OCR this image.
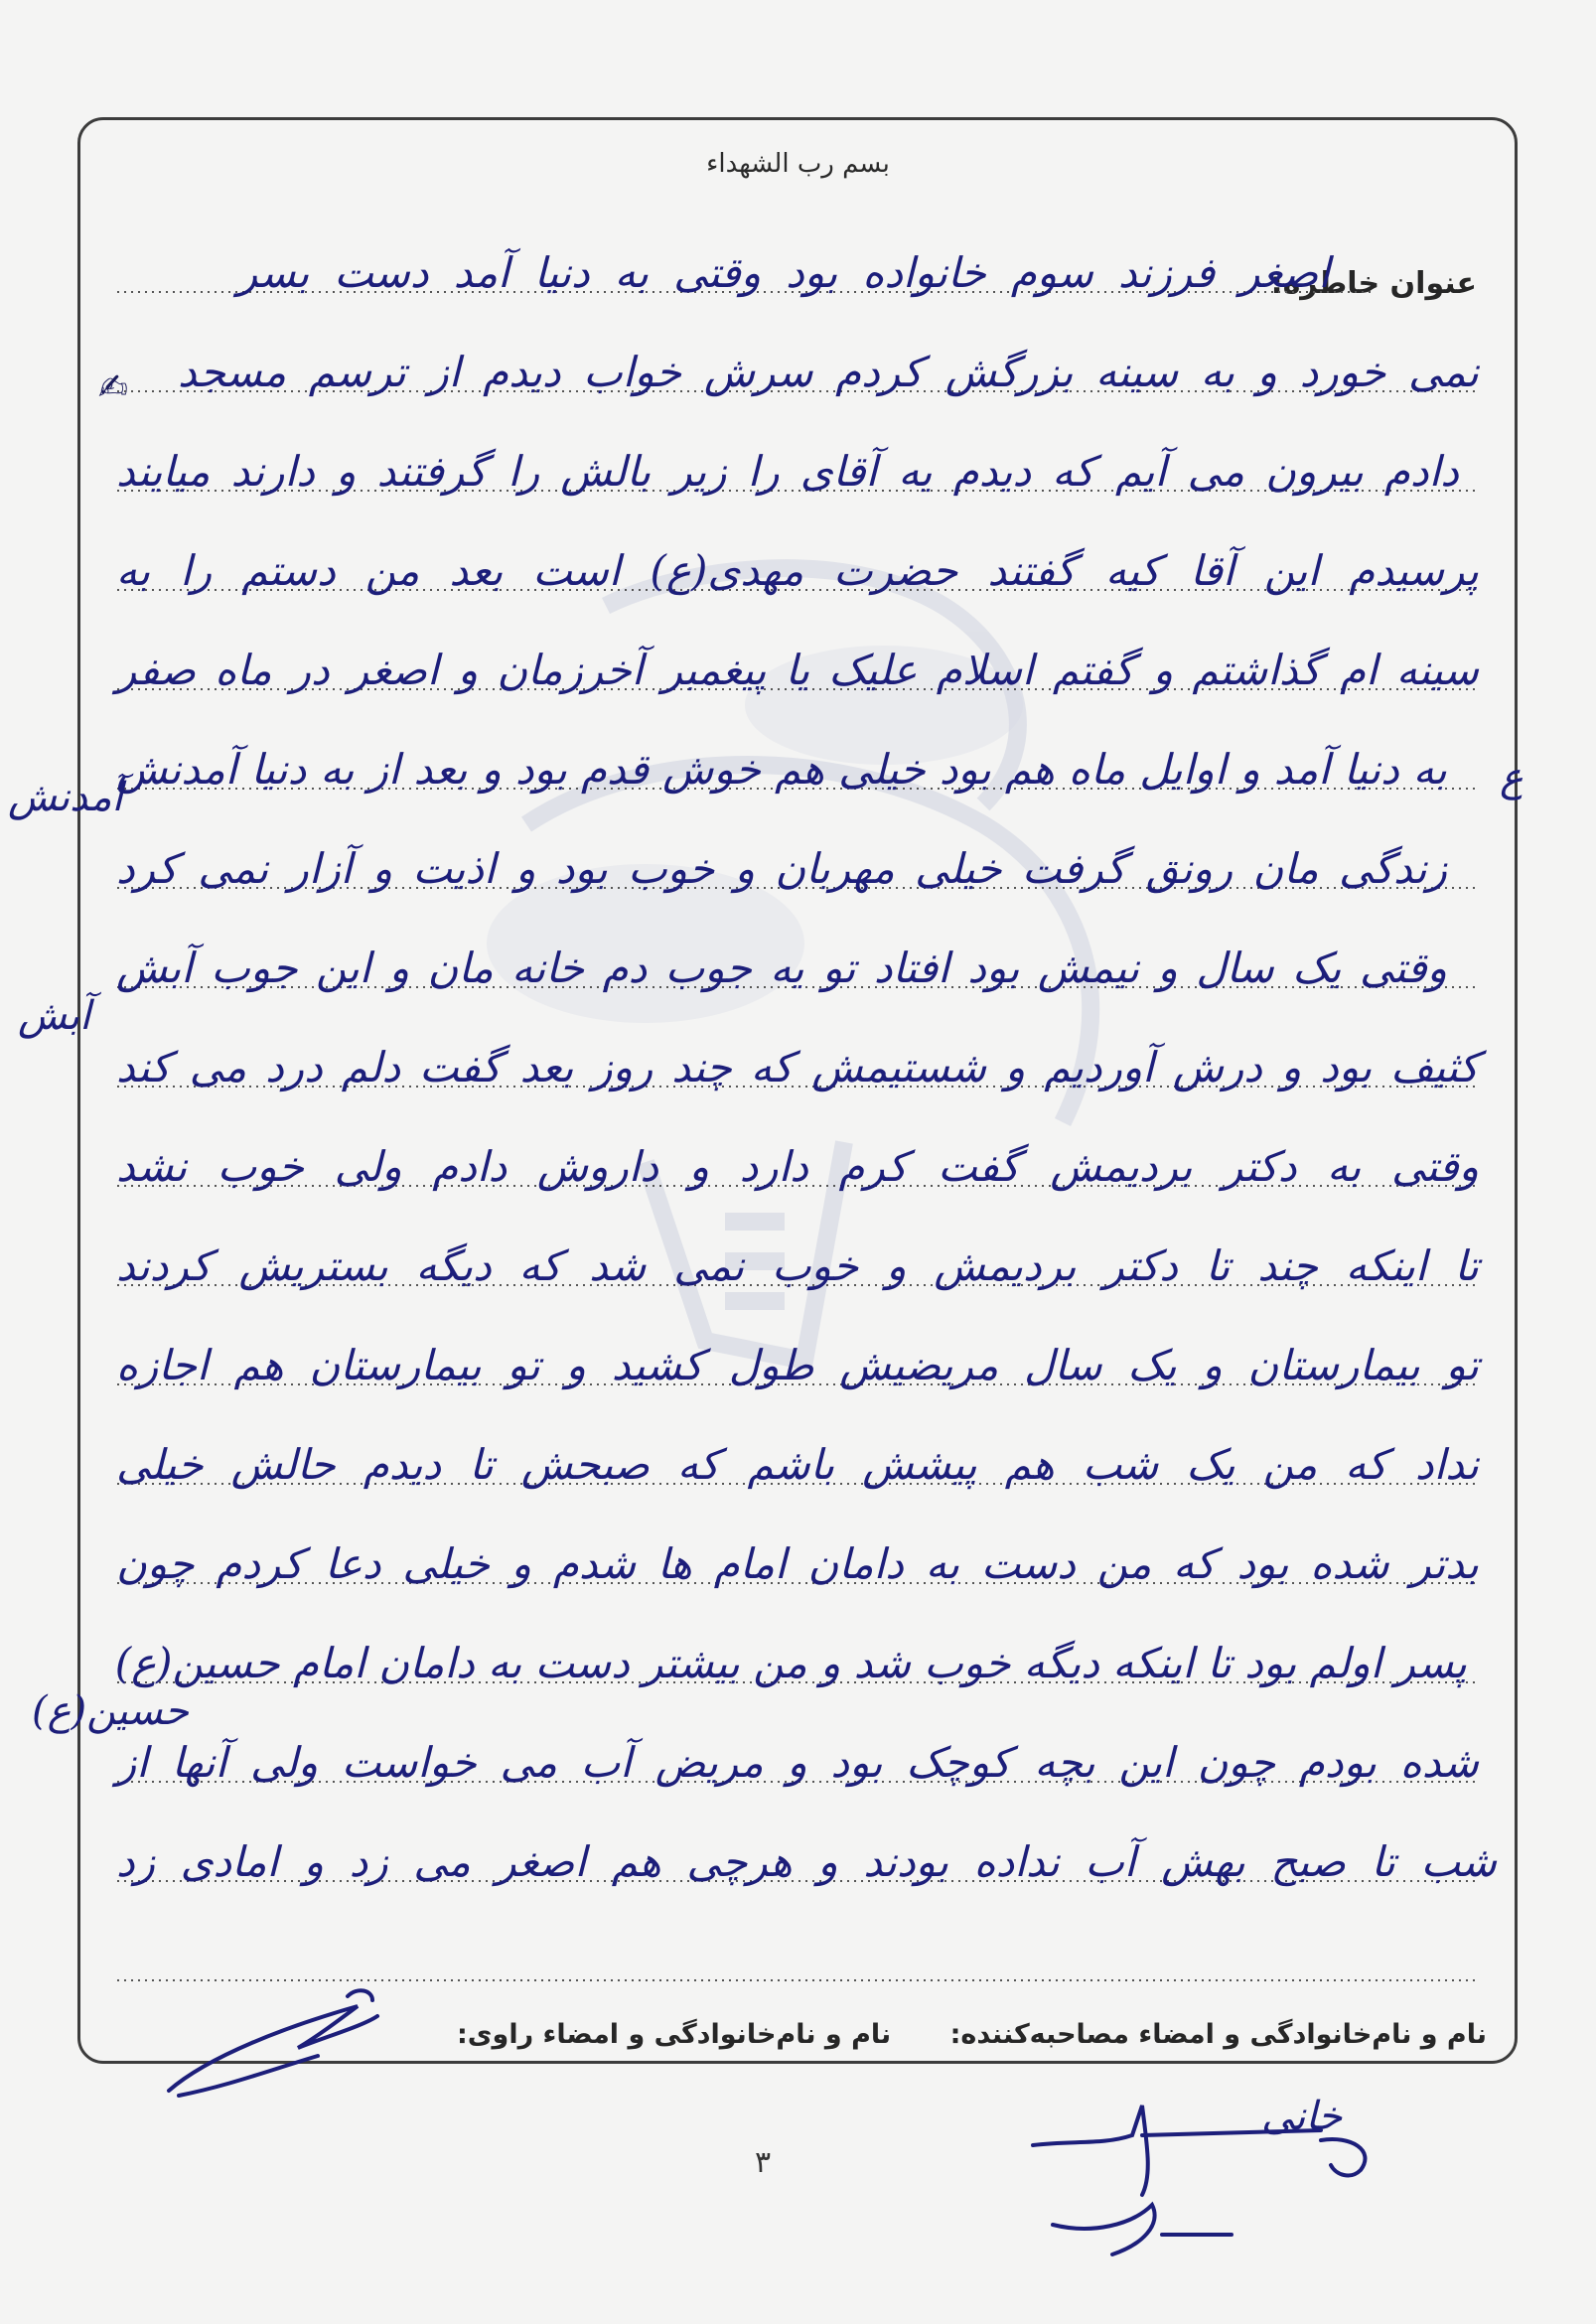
بسم رب الشهداء
عنوان خاطره:
✍
اصغر فرزند سوم خانواده بود وقتی به دنیا آمد دست بسر
نمی خورد و به سینه بزرگش کردم سرش خواب دیدم از ترسم مسجد
دادم بیرون می آیم که دیدم یه آقای را زیر بالش را گرفتند و دارند میایند
پرسیدم این آقا کیه گفتند حضرت مهدی(ع) است بعد من دستم را به
سینه ام گذاشتم و گفتم اسلام علیک یا پیغمبر آخرزمان و اصغر در ماه صفر
به دنیا آمد و اوایل ماه هم بود خیلی هم خوش قدم بود و بعد از به دنیا آمدنش
زندگی مان رونق گرفت خیلی مهربان و خوب بود و اذیت و آزار نمی کرد
وقتی یک سال و نیمش بود افتاد تو یه جوب دم خانه مان و این جوب آبش
کثیف بود و درش آوردیم و شستیمش که چند روز بعد گفت دلم درد می کند
وقتی به دکتر بردیمش گفت کرم دارد و داروش دادم ولی خوب نشد
تا اینکه چند تا دکتر بردیمش و خوب نمی شد که دیگه بستریش کردند
تو بیمارستان و یک سال مریضیش طول کشید و تو بیمارستان هم اجازه
نداد که من یک شب هم پیشش باشم که صبحش تا دیدم حالش خیلی
بدتر شده بود که من دست به دامان امام ها شدم و خیلی دعا کردم چون
پسر اولم بود تا اینکه دیگه خوب شد و من بیشتر دست به دامان امام حسین(ع)
شده بودم چون این بچه کوچک بود و مریض آب می خواست ولی آنها از
شب تا صبح بهش آب نداده بودند و هرچی هم اصغر می زد و امادی زد
ع
آمدنش
آبش
حسین(ع)
نام و نام‌خانوادگی و امضاء مصاحبه‌کننده:
نام و نام‌خانوادگی و امضاء راوی:
خانی
۳
